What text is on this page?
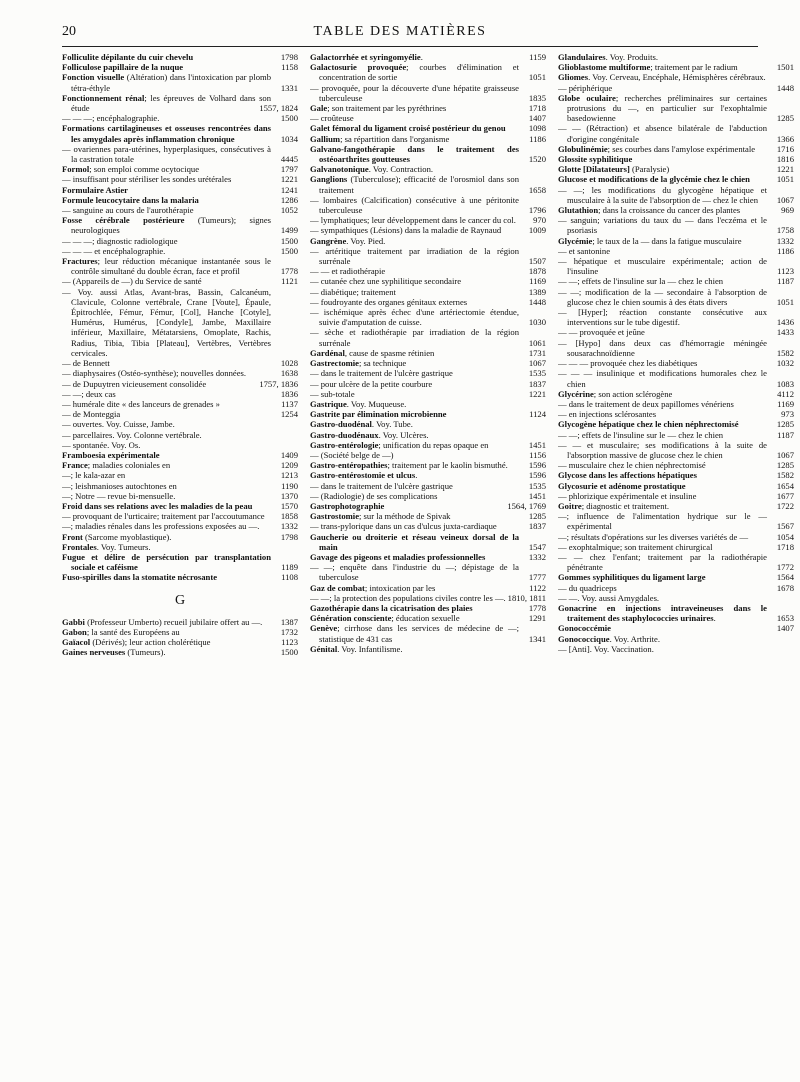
20	TABLE DES MATIÈRES
Folliculite dépilante du cuir chevelu	1798
Folliculose papillaire de la nuque	1158
Fonction visuelle (Altération) dans l'intoxication par plomb tétra-éthyle	1331
Fonctionnement rénal; les épreuves de Volhard dans son étude	1557, 1824
— — —; encéphalographie.	1500
Formations cartilagineuses et osseuses rencontrées dans les amygdales après inflammation chronique	1034
— ovariennes para-utérines, hyperplasiques, consécutives à la castration totale	4445
Formol; son emploi comme ocytocique	1797
— insuffisant pour stériliser les sondes urétérales	1221
Formulaire Astier	1241
Formule leucocytaire dans la malaria	1286
— sanguine au cours de l'aurothérapie	1052
Fosse cérébrale postérieure (Tumeurs); signes neurologiques	1499
— — —; diagnostic radiologique	1500
— — — et encéphalographie.	1500
Fractures; leur réduction mécanique instantanée sous le contrôle simultané du double écran, face et profil	1778
— (Appareils de —) du Service de santé	1121
— Voy. aussi Atlas, Avant-bras, Bassin, Calcanéum, Clavicule, Colonne vertébrale, Crane [Voute], Épaule, Épitrochlée, Fémur, Fémur, [Col], Hanche [Cotyle], Humérus, Humérus, [Condyle], Jambe, Maxillaire inférieur, Maxillaire, Métatarsiens, Omoplate, Rachis, Radius, Tibia, Tibia [Plateau], Vertèbres, Vertèbres cervicales.
— de Bennett	1028
— diaphysaires (Ostéo-synthèse); nouvelles données.	1638
— de Dupuytren vicieusement consolidée	1757, 1836
— —; deux cas	1836
— humérale dite « des lanceurs de grenades »	1137
— de Monteggia	1254
— ouvertes. Voy. Cuisse, Jambe.
— parcellaires. Voy. Colonne vertébrale.
— spontanée. Voy. Os.
Framboesia expérimentale	1409
France; maladies coloniales en	1209
—; le kala-azar en	1213
—; leishmanioses autochtones en	1190
—; Notre — revue bi-mensuelle.	1370
Froid dans ses relations avec les maladies de la peau	1570
— provoquant de l'urticaire; traitement par l'accoutumance 1858
—; maladies rénales dans les professions exposées au —. 1332
Front (Sarcome myoblastique).	1798
Frontales. Voy. Tumeurs.
Fugue et délire de persécution par transplantation sociale et caféisme	1189
Fuso-spirilles dans la stomatite nécrosante	1108
G
Gabbi (Professeur Umberto) recueil jubilaire offert au —. 1387
Gabon; la santé des Européens au	1732
Gaïacol (Dérivés); leur action cholérétique	1123
Gaines nerveuses (Tumeurs).	1500
Galactorrhée et syringomyélie.	1159
Galactosurie provoquée; courbes d'élimination et concentration de sortie	1051
— provoquée, pour la découverte d'une hépatite graisseuse tuberculeuse	1835
Gale; son traitement par les pyréthrines	1718
— croûteuse	1407
Galet fémoral du ligament croisé postérieur du genou	1098
Gallium; sa répartition dans l'organisme	1186
Galvano-fangothérapie dans le traitement des ostéoarthrites goutteuses	1520
Galvanotonique. Voy. Contraction.
Ganglions (Tuberculose); efficacité de l'orosmiol dans son traitement	1658
— lombaires (Calcification) consécutive à une péritonite tuberculeuse	1796
— lymphatiques; leur développement dans le cancer du col. 970
— sympathiques (Lésions) dans la maladie de Raynaud	1009
Gangrène. Voy. Pied.
— artéritique traitement par irradiation de la région surrénale	1507
— — et radiothérapie	1878
— cutanée chez une syphilitique secondaire	1169
— diabétique; traitement	1389
— foudroyante des organes génitaux externes	1448
— ischémique après échec d'une artériectomie étendue, suivie d'amputation de cuisse.	1030
— sèche et radiothérapie par irradiation de la région surrénale	1061
Gardénal, cause de spasme rétinien	1731
Gastrectomie; sa technique	1067
— dans le traitement de l'ulcère gastrique	1535
— pour ulcère de la petite courbure	1837
— sub-totale	1221
Gastrique. Voy. Muqueuse.
Gastrite par élimination microbienne	1124
Gastro-duodénal. Voy. Tube.
Gastro-duodénaux. Voy. Ulcères.
Gastro-entérologie; unification du repas opaque en	1451
— (Société belge de —)	1156
Gastro-entéropathies; traitement par le kaolin bismuthé. 1596
Gastro-entérostomie et ulcus.	1596
— dans le traitement de l'ulcère gastrique	1535
— (Radiologie) de ses complications	1451
Gastrophotographie	1564, 1769
Gastrostomie; sur la méthode de Spivak	1285
— trans-pylorique dans un cas d'ulcus juxta-cardiaque	1837
Gaucherie ou droiterie et réseau veineux dorsal de la main	1547
Gavage des pigeons et maladies professionnelles	1332
— —; enquête dans l'industrie du —; dépistage de la tuberculose	1777
Gaz de combat; intoxication par les	1122
— —; la protection des populations civiles contre les —. 1810, 1811
Gazothérapie dans la cicatrisation des plaies	1778
Génération consciente; éducation sexuelle	1291
Genève; cirrhose dans les services de médecine de —; statistique de 431 cas	1341
Génital. Voy. Infantilisme.
Glandulaires. Voy. Produits.
Glioblastome multiforme; traitement par le radium	1501
Gliomes. Voy. Cerveau, Encéphale, Hémisphères cérébraux.
— périphérique	1448
Globe oculaire; recherches préliminaires sur certaines protrusions du —, en particulier sur l'exophtalmie basedowienne	1285
— — (Rétraction) et absence bilatérale de l'abduction d'origine congénitale	1366
Globulinémie; ses courbes dans l'amylose expérimentale	1716
Glossite syphilitique	1816
Glotte [Dilatateurs] (Paralysie)	1221
Glucose et modifications de la glycémie chez le chien	1051
— —; les modifications du glycogène hépatique et musculaire à la suite de l'absorption de — chez le chien 1067
Glutathion; dans la croissance du cancer des plantes	969
— sanguin; variations du taux du — dans l'eczéma et le psoriasis	1758
Glycémie; le taux de la — dans la fatigue musculaire	1332
— et santonine	1186
— hépatique et musculaire expérimentale; action de l'insuline	1123
— —; effets de l'insuline sur la — chez le chien	1187
— —; modification de la — secondaire à l'absorption de glucose chez le chien soumis à des états divers	1051
— [Hyper]; réaction constante consécutive aux interventions sur le tube digestif.	1436
— — provoquée et jeûne	1433
— [Hypo] dans deux cas d'hémorragie méningée sousarachnoïdienne	1582
— — — provoquée chez les diabétiques	1032
— — — insulinique et modifications humorales chez le chien	1083
Glycérine; son action sclérogène	4112
— dans le traitement de deux papillomes vénériens	1169
— en injections sclérosantes	973
Glycogène hépatique chez le chien néphrectomisé	1285
— —; effets de l'insuline sur le — chez le chien	1187
— — et musculaire; ses modifications à la suite de l'absorption massive de glucose chez le chien	1067
— musculaire chez le chien néphrectomisé	1285
Glycose dans les affections hépatiques	1582
Glycosurie et adénome prostatique	1654
— phlorizique expérimentale et insuline	1677
Goitre; diagnostic et traitement.	1722
—; influence de l'alimentation hydrique sur le — expérimental	1567
—; résultats d'opérations sur les diverses variétés de —	1054
— exophtalmique; son traitement chirurgical	1718
— — chez l'enfant; traitement par la radiothérapie pénétrante	1772
Gommes syphilitiques du ligament large	1564
— du quadriceps	1678
— —. Voy. aussi Amygdales.
Gonacrine en injections intraveineuses dans le traitement des staphylococcies urinaires.	1653
Gonococcémie	1407
Gonococcique. Voy. Arthrite.
— [Anti]. Voy. Vaccination.
